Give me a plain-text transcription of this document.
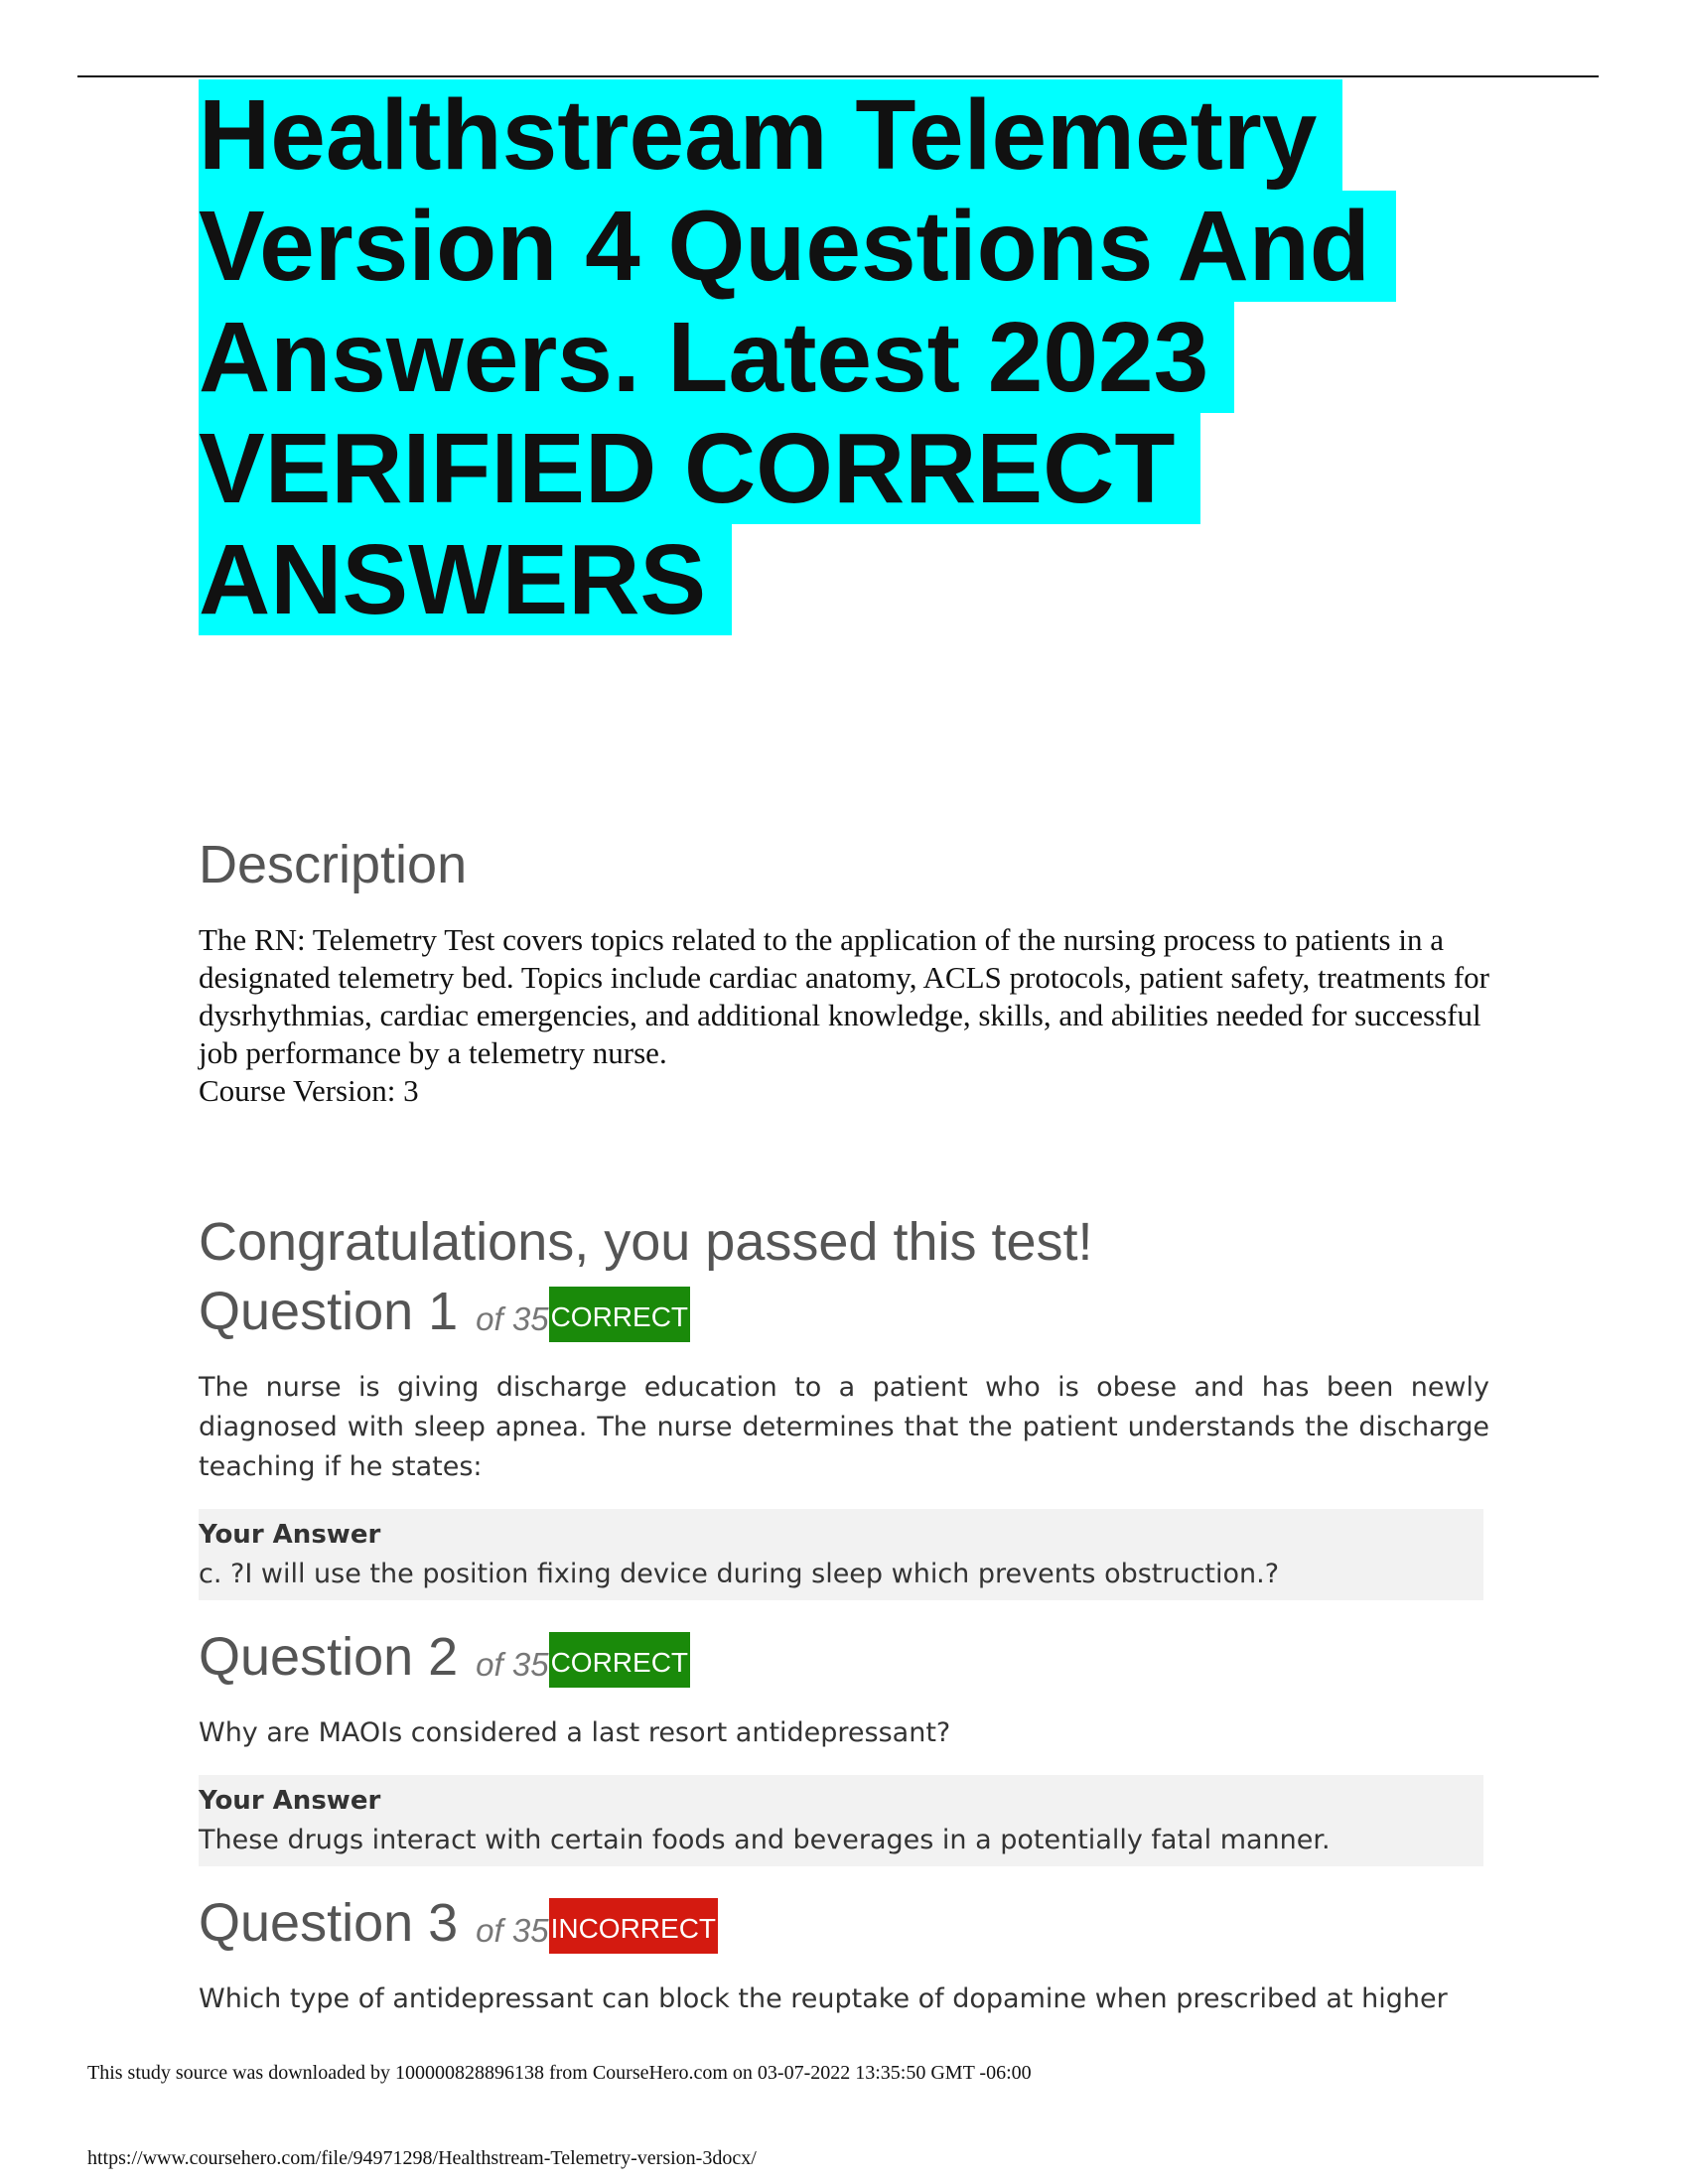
Healthstream Telemetry
Version 4 Questions And
Answers. Latest 2023
VERIFIED CORRECT
ANSWERS
Description

The RN: Telemetry Test covers topics related to the application of the nursing process to patients in a designated telemetry bed. Topics include cardiac anatomy, ACLS protocols, patient safety, treatments for dysrhythmias, cardiac emergencies, and additional knowledge, skills, and abilities needed for successful job performance by a telemetry nurse.

Course Version: 3

Congratulations, you passed this test!
Question 1 of 35 CORRECT

The nurse is giving discharge education to a patient who is obese and has been newly diagnosed with sleep apnea. The nurse determines that the patient understands the discharge teaching if he states:

Your Answer
c. ?I will use the position fixing device during sleep which prevents obstruction.?
Question 2 of 35 CORRECT

Why are MAOIs considered a last resort antidepressant?

Your Answer
These drugs interact with certain foods and beverages in a potentially fatal manner.
Question 3 of 35 INCORRECT

Which type of antidepressant can block the reuptake of dopamine when prescribed at higher

This study source was downloaded by 100000828896138 from CourseHero.com on 03-07-2022 13:35:50 GMT -06:00
https://www.coursehero.com/file/94971298/Healthstream-Telemetry-version-3docx/
